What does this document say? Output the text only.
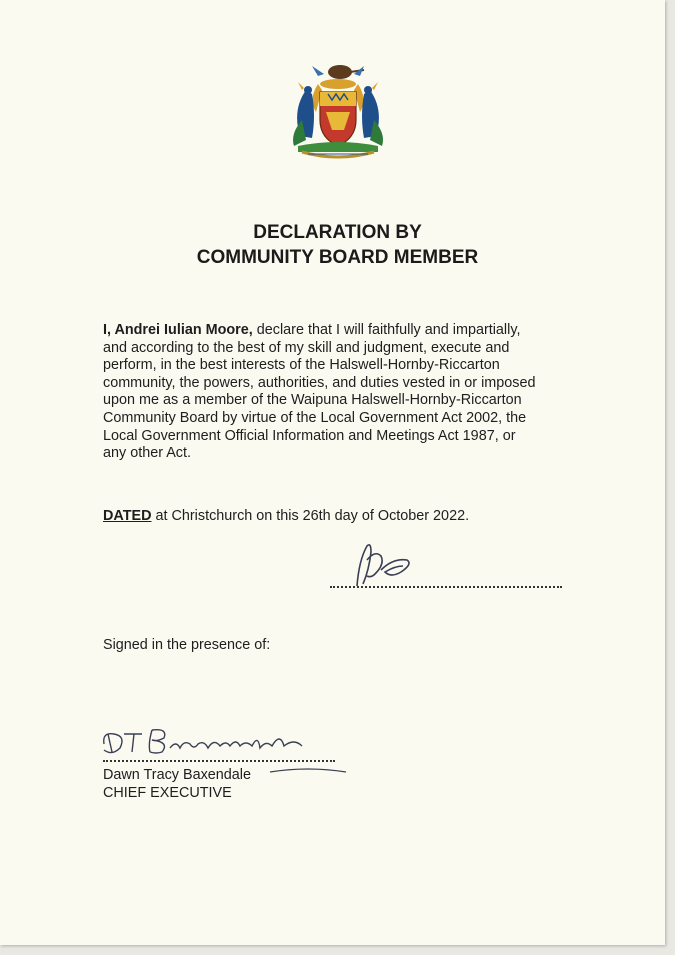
DECLARATION BY
COMMUNITY BOARD MEMBER
I, Andrei Iulian Moore, declare that I will faithfully and impartially,
and according to the best of my skill and judgment, execute and
perform, in the best interests of the Halswell-Hornby-Riccarton
community, the powers, authorities, and duties vested in or imposed
upon me as a member of the Waipuna Halswell-Hornby-Riccarton
Community Board by virtue of the Local Government Act 2002, the
Local Government Official Information and Meetings Act 1987, or
any other Act.
DATED at Christchurch on this 26th day of October 2022.
Signed in the presence of:
Dawn Tracy Baxendale
CHIEF EXECUTIVE
